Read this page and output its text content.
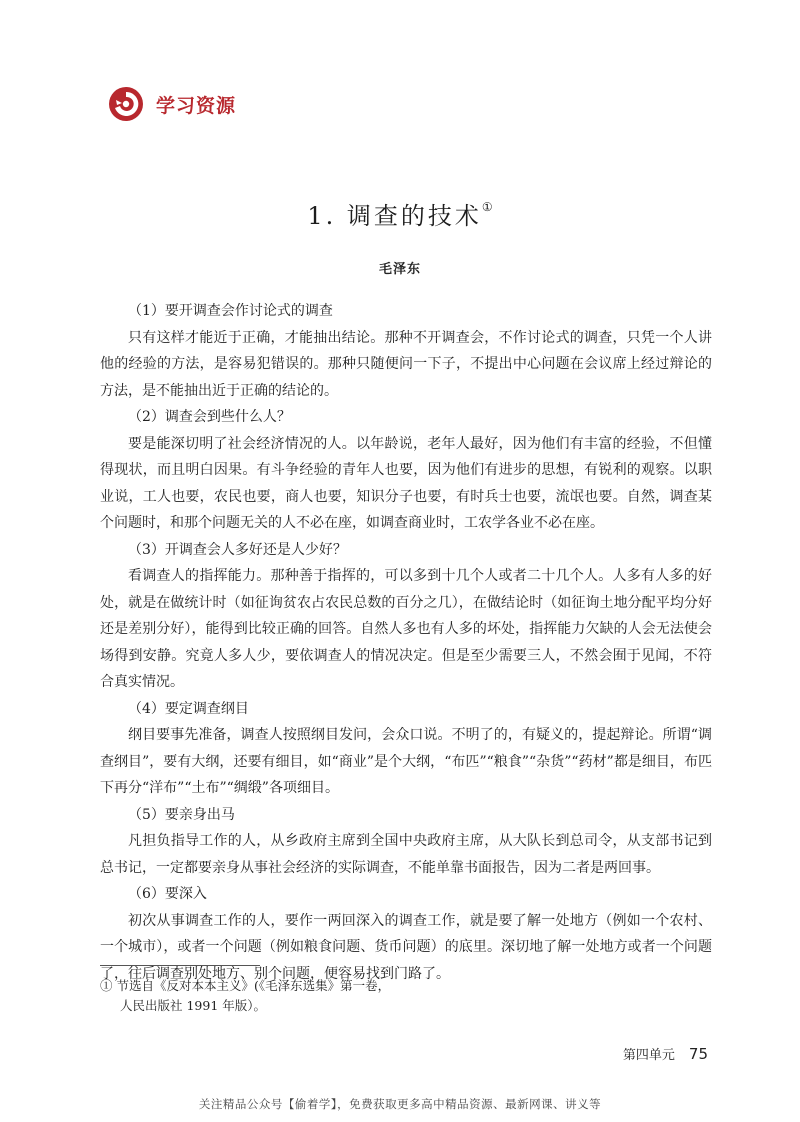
学习资源
1. 调查的技术①
毛泽东

（1）要开调查会作讨论式的调查

只有这样才能近于正确，才能抽出结论。那种不开调查会，不作讨论式的调查，只凭一个人讲他的经验的方法，是容易犯错误的。那种只随便问一下子，不提出中心问题在会议席上经过辩论的方法，是不能抽出近于正确的结论的。

（2）调查会到些什么人？

要是能深切明了社会经济情况的人。以年龄说，老年人最好，因为他们有丰富的经验，不但懂得现状，而且明白因果。有斗争经验的青年人也要，因为他们有进步的思想，有锐利的观察。以职业说，工人也要，农民也要，商人也要，知识分子也要，有时兵士也要，流氓也要。自然，调查某个问题时，和那个问题无关的人不必在座，如调查商业时，工农学各业不必在座。

（3）开调查会人多好还是人少好？

看调查人的指挥能力。那种善于指挥的，可以多到十几个人或者二十几个人。人多有人多的好处，就是在做统计时（如征询贫农占农民总数的百分之几），在做结论时（如征询土地分配平均分好还是差别分好），能得到比较正确的回答。自然人多也有人多的坏处，指挥能力欠缺的人会无法使会场得到安静。究竟人多人少，要依调查人的情况决定。但是至少需要三人，不然会囿于见闻，不符合真实情况。

（4）要定调查纲目

纲目要事先准备，调查人按照纲目发问，会众口说。不明了的，有疑义的，提起辩论。所谓“调查纲目”，要有大纲，还要有细目，如“商业”是个大纲，“布匹”“粮食”“杂货”“药材”都是细目，布匹下再分“洋布”“土布”“绸缎”各项细目。

（5）要亲身出马

凡担负指导工作的人，从乡政府主席到全国中央政府主席，从大队长到总司令，从支部书记到总书记，一定都要亲身从事社会经济的实际调查，不能单靠书面报告，因为二者是两回事。

（6）要深入

初次从事调查工作的人，要作一两回深入的调查工作，就是要了解一处地方（例如一个农村、一个城市），或者一个问题（例如粮食问题、货币问题）的底里。深切地了解一处地方或者一个问题了，往后调查别处地方、别个问题，便容易找到门路了。

① 节选自《反对本本主义》(《毛泽东选集》第一卷，
人民出版社 1991 年版）。
第四单元 75
关注精品公众号【偷着学】，免费获取更多高中精品资源、最新网课、讲义等
